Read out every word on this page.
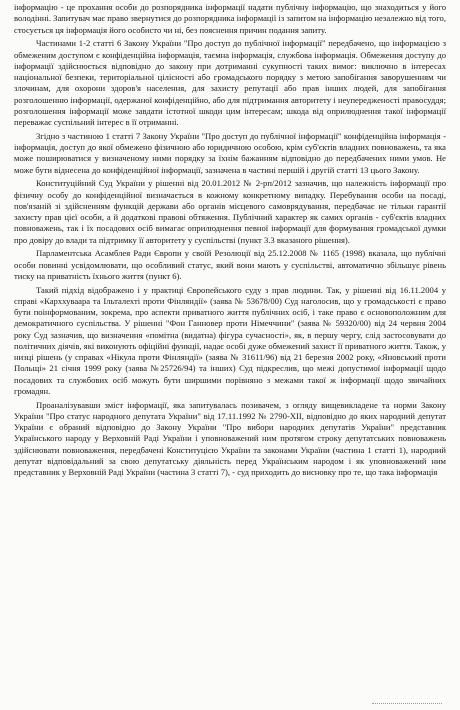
інформацію - це прохання особи до розпорядника інформації надати публічну інформацію, що знаходиться у його володінні. Запитувач має право звернутися до розпорядника інформації із запитом на інформацію незалежно від того, стосується ця інформація його особисто чи ні, без пояснення причин подання запиту.

Частинами 1-2 статті 6 Закону України "Про доступ до публічної інформації" передбачено, що інформацією з обмеженим доступом є конфіденційна інформація, таємна інформація, службова інформація. Обмеження доступу до інформації здійснюється відповідно до закону при дотриманні сукупності таких вимог: виключно в інтересах національної безпеки, територіальної цілісності або громадського порядку з метою запобігання заворушенням чи злочинам, для охорони здоров'я населення, для захисту репутації або прав інших людей, для запобігання розголошенню інформації, одержаної конфіденційно, або для підтримання авторитету і неупередженості правосуддя; розголошення інформації може завдати істотної шкоди цим інтересам; шкода від оприлюднення такої інформації переважає суспільний інтерес в її отриманні.

Згідно з частиною 1 статті 7 Закону України "Про доступ до публічної інформації" конфіденційна інформація - інформація, доступ до якої обмежено фізичною або юридичною особою, крім суб'єктів владних повноважень, та яка може поширюватися у визначеному ними порядку за їхнім бажанням відповідно до передбачених ними умов. Не може бути віднесена до конфіденційної інформації, зазначена в частині першій і другій статті 13 цього Закону.

Конституційний Суд України у рішенні від 20.01.2012 № 2-рп/2012 зазначив, що належність інформації про фізичну особу до конфіденційної визначається в кожному конкретному випадку. Перебування особи на посаді, пов'язаній зі здійсненням функцій держави або органів місцевого самоврядування, передбачає не тільки гарантії захисту прав цієї особи, а й додаткові правові обтяження. Публічний характер як самих органів - суб'єктів владних повноважень, так і їх посадових осіб вимагає оприлюднення певної інформації для формування громадської думки про довіру до влади та підтримку її авторитету у суспільстві (пункт 3.3 вказаного рішення).

Парламентська Асамблея Ради Європи у своїй Резолюції від 25.12.2008 № 1165 (1998) вказала, що публічні особи повинні усвідомлювати, що особливий статус, який вони мають у суспільстві, автоматично збільшує рівень тиску на приватність їхнього життя (пункт 6).

Такий підхід відображено і у практиці Європейського суду з прав людини. Так, у рішенні від 16.11.2004 у справі «Карххуваара та Ільталехті проти Фінляндії» (заява № 53678/00) Суд наголосив, що у громадськості є право бути поінформованим, зокрема, про аспекти приватного життя публічних осіб, і таке право є основоположним для демократичного суспільства. У рішенні "Фон Ганновер проти Німеччини" (заява № 59320/00) від 24 червня 2004 року Суд зазначив, що визначення «помітна (видатна) фігура сучасності», як, в першу чергу, слід застосовувати до політичних діячів, які виконують офіційні функції, надає особі дуже обмежений захист її приватного життя. Також, у низці рішень (у справах «Нікула проти Фінляндії» (заява № 31611/96) від 21 березня 2002 року, «Яновський проти Польщі» 21 січня 1999 року (заява №25726/94) та інших) Суд підкреслив, що межі допустимої інформації щодо посадових та службових осіб можуть бути ширшими порівняно з межами такої ж інформації щодо звичайних громадян.

Проаналізувавши зміст інформації, яка запитувалась позивачем, з огляду вищевикладене та норми Закону України "Про статус народного депутата України" від 17.11.1992 № 2790-XII, відповідно до яких народний депутат України є обраний відповідно до Закону України "Про вибори народних депутатів України" представник Українського народу у Верховній Раді України і уповноважений ним протягом строку депутатських повноважень здійснювати повноваження, передбачені Конституцією України та законами України (частина 1 статті 1), народний депутат відповідальний за свою депутатську діяльність перед Українським народом і як уповноважений ним представник у Верховній Раді України (частина 3 статті 7), - суд приходить до висновку про те, що така інформація
